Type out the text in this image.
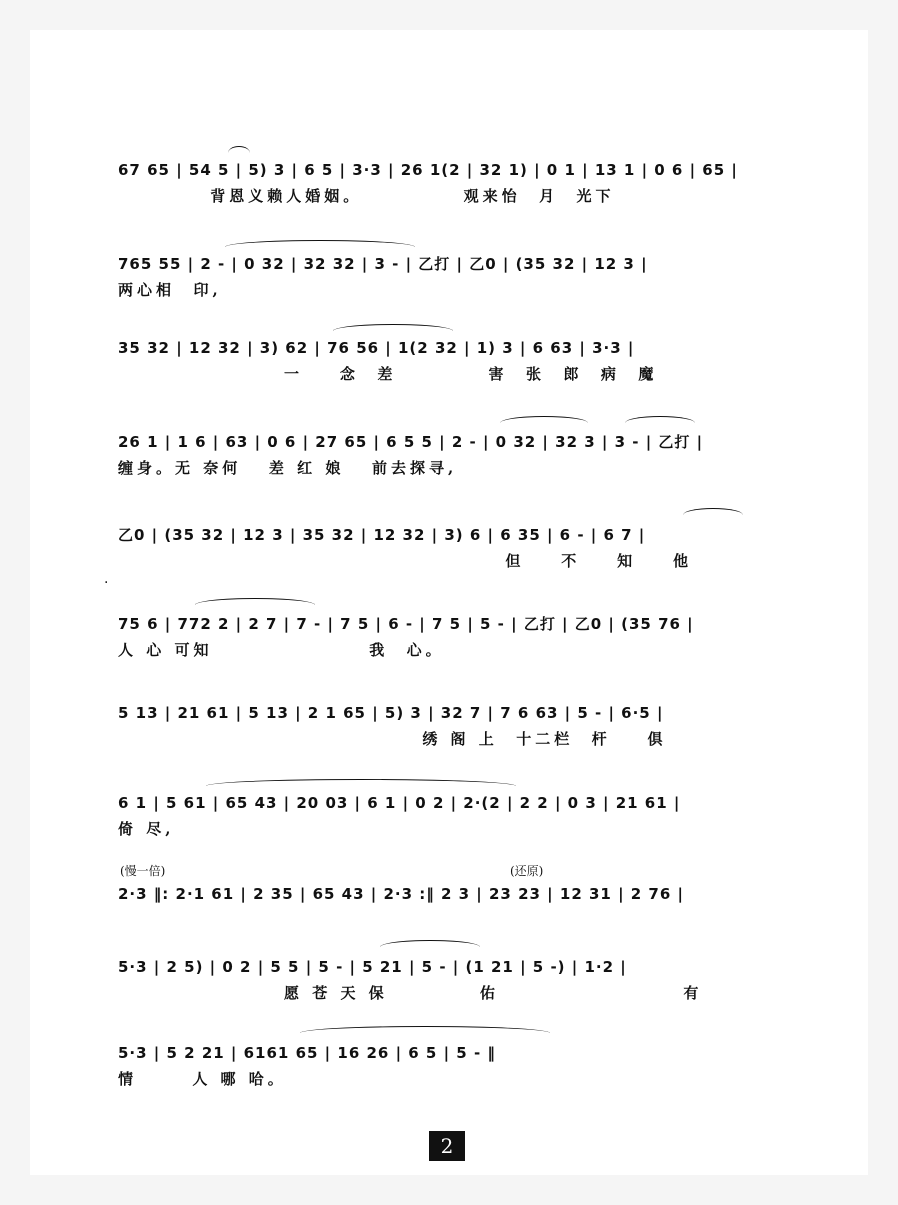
67 65 | 54 5 | 5) 3 | 6 5 | 3·3 | 26 1(2 | 32 1) | 0 1 | 13 1 | 0 6 | 65 |
背恩义赖人婚姻。           观来怡  月  光下
765 55 | 2 - | 0 32 | 32 32 | 3 - | 乙打 | 乙0 | (35 32 | 12 3 |
两心相  印,
35 32 | 12 32 | 3) 62 | 76 56 | 1(2 32 | 1) 3 | 6 63 | 3·3 |
一    念  差          害  张  郎  病  魔
26 1 | 1 6 | 63 | 0 6 | 27 65 | 6 5 5 | 2 - | 0 32 | 32 3 | 3 - | 乙打 |
缠身。无 奈何   差 红 娘   前去探寻,
乙0 | (35 32 | 12 3 | 35 32 | 12 32 | 3) 6 | 6 35 | 6 - | 6 7 |
但    不    知    他
75 6 | 772 2 | 2 7 | 7 - | 7 5 | 6 - | 7 5 | 5 - | 乙打 | 乙0 | (35 76 |
人 心 可知                 我  心。
5 13 | 21 61 | 5 13 | 2 1 65 | 5) 3 | 32 7 | 7 6 63 | 5 - | 6·5 |
绣 阁 上  十二栏  杆    俱
6 1 | 5 61 | 65 43 | 20 03 | 6 1 | 0 2 | 2·(2 | 2 2 | 0 3 | 21 61 |
倚 尽,
(慢一倍)	(还原)
2·3 ‖: 2·1 61 | 2 35 | 65 43 | 2·3 :‖ 2 3 | 23 23 | 12 31 | 2 76 |
5·3 | 2 5) | 0 2 | 5 5 | 5 - | 5 21 | 5 - | (1 21 | 5 -) | 1·2 |
愿 苍 天 保          佑                    有
5·3 | 5 2 21 | 6161 65 | 16 26 | 6 5 | 5 - ‖
情      人 哪 哈。
·
2
